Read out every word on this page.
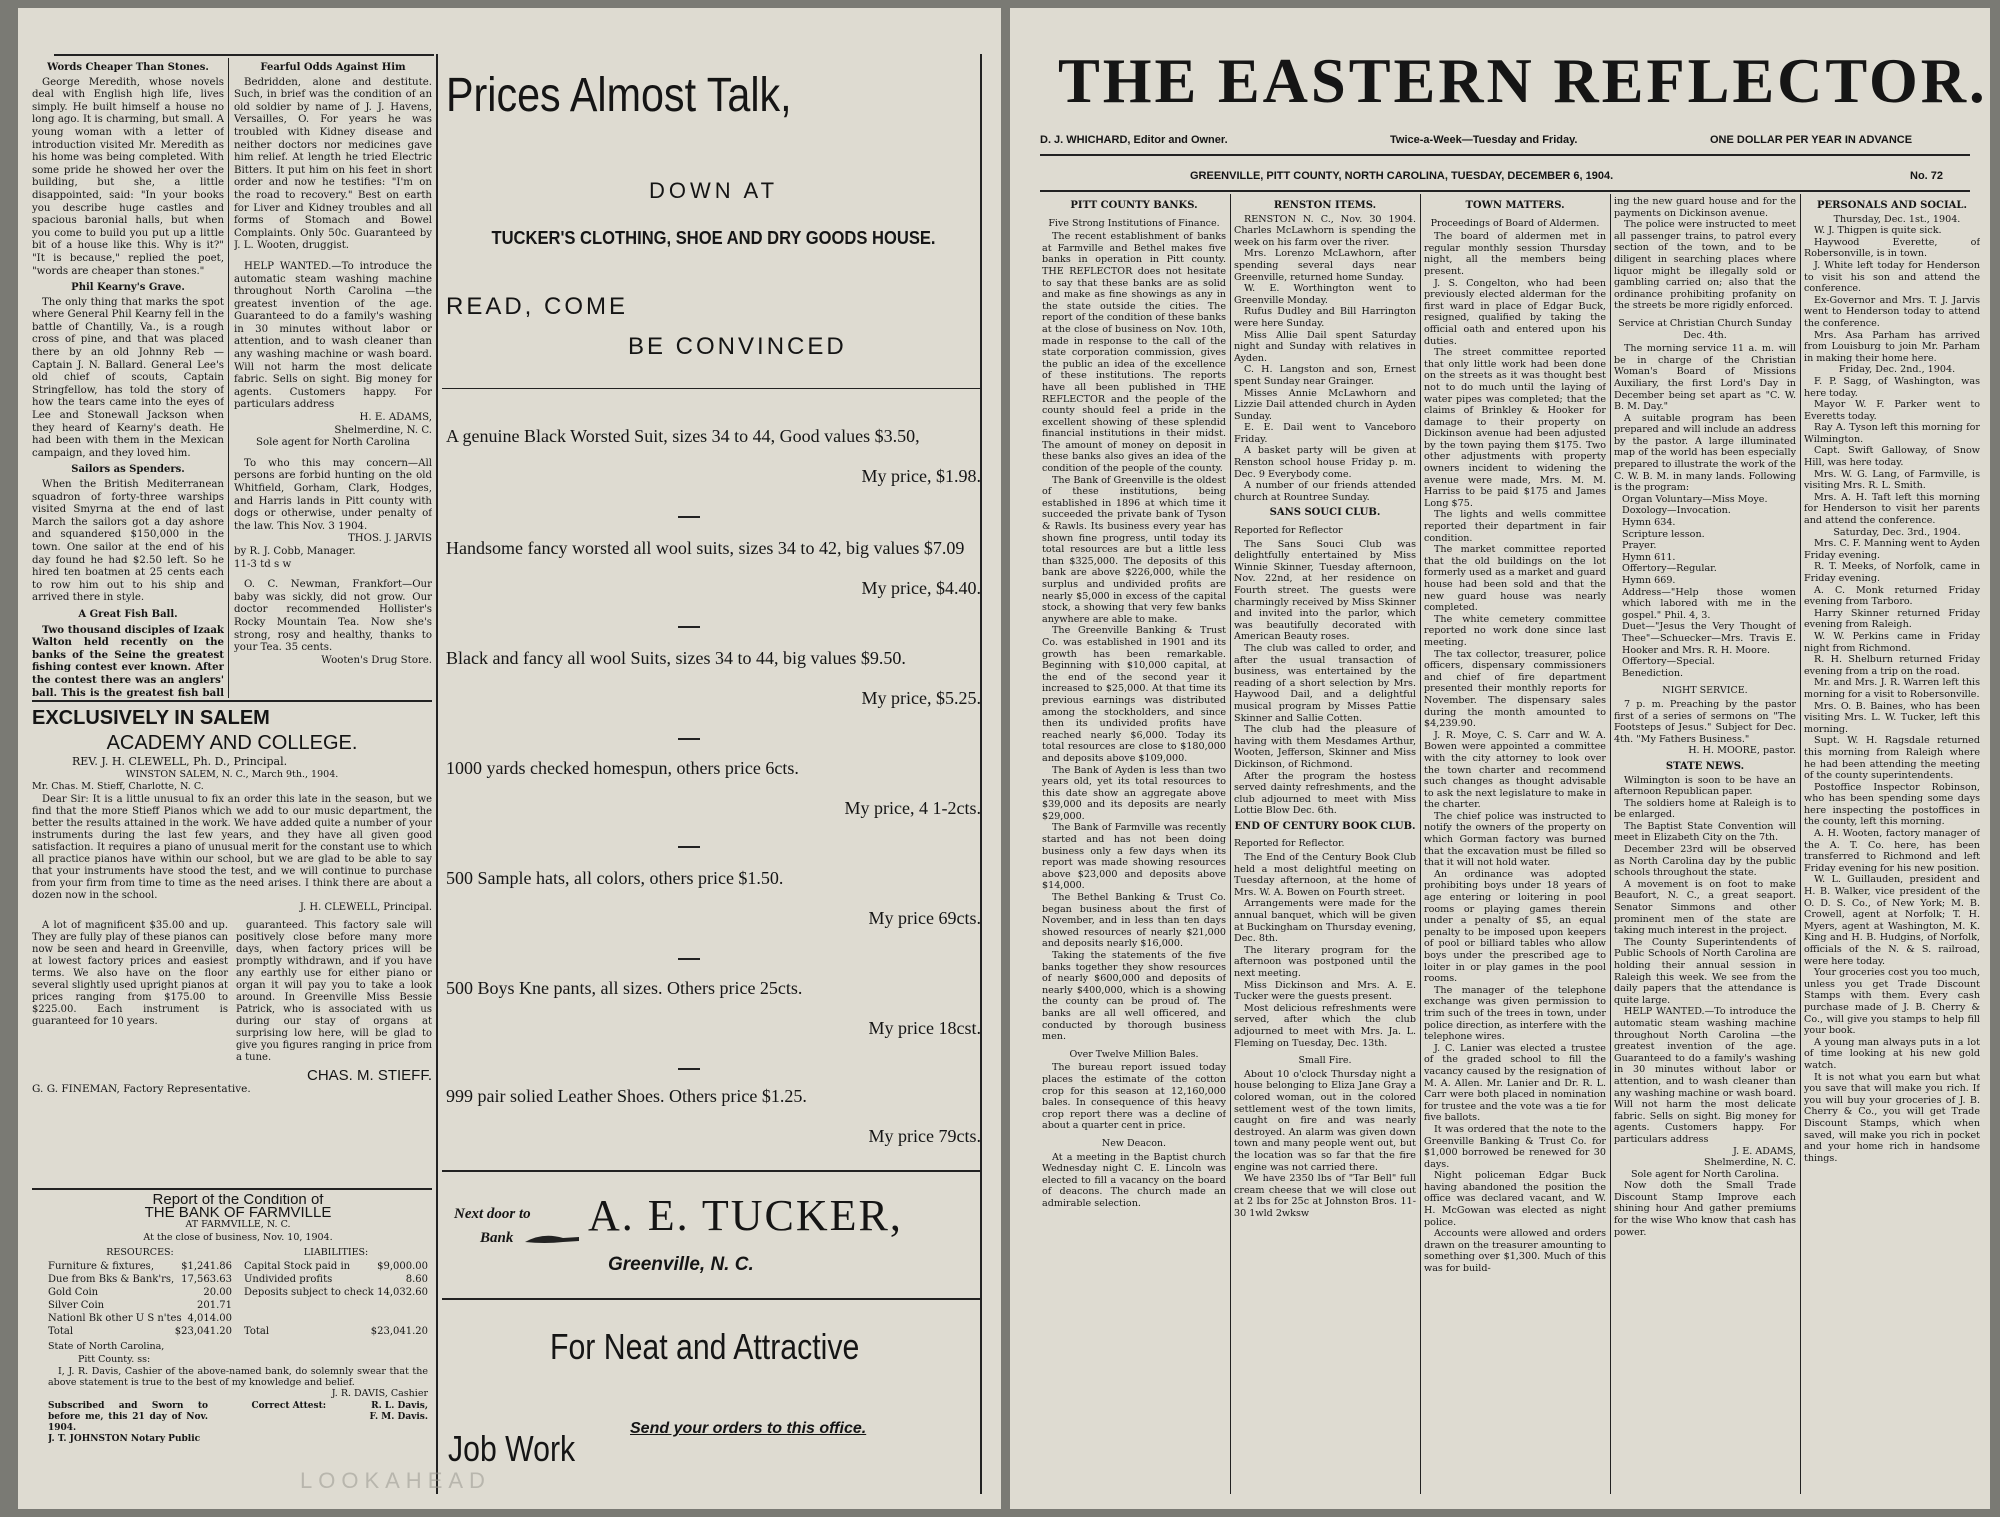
Words Cheaper Than Stones.

George Meredith, whose novels deal with English high life, lives simply. He built himself a house no long ago. It is charming, but small. A young woman with a letter of introduction visited Mr. Meredith as his home was being completed. With some pride he showed her over the building, but she, a little disappointed, said: "In your books you describe huge castles and spacious baronial halls, but when you come to build you put up a little bit of a house like this. Why is it?" "It is because," replied the poet, "words are cheaper than stones."

Phil Kearny's Grave.

The only thing that marks the spot where General Phil Kearny fell in the battle of Chantilly, Va., is a rough cross of pine, and that was placed there by an old Johnny Reb —Captain J. N. Ballard. General Lee's old chief of scouts, Captain Stringfellow, has told the story of how the tears came into the eyes of Lee and Stonewall Jackson when they heard of Kearny's death. He had been with them in the Mexican campaign, and they loved him.

Sailors as Spenders.

When the British Mediterranean squadron of forty-three warships visited Smyrna at the end of last March the sailors got a day ashore and squandered $150,000 in the town. One sailor at the end of his day found he had $2.50 left. So he hired ten boatmen at 25 cents each to row him out to his ship and arrived there in style.

A Great Fish Ball.

Two thousand disciples of Izaak Walton held recently on the banks of the Seine the greatest fishing contest ever known. After the contest there was an anglers' ball. This is the greatest fish ball

Fearful Odds Against Him

Bedridden, alone and destitute. Such, in brief was the condition of an old soldier by name of J. J. Havens, Versailles, O. For years he was troubled with Kidney disease and neither doctors nor medicines gave him relief. At length he tried Electric Bitters. It put him on his feet in short order and now he testifies: "I'm on the road to recovery." Best on earth for Liver and Kidney troubles and all forms of Stomach and Bowel Complaints. Only 50c. Guaranteed by J. L. Wooten, druggist.

HELP WANTED.—To introduce the automatic steam washing machine throughout North Carolina —the greatest invention of the age. Guaranteed to do a family's washing in 30 minutes without labor or attention, and to wash cleaner than any washing machine or wash board. Will not harm the most delicate fabric. Sells on sight. Big money for agents. Customers happy. For particulars address

H. E. ADAMS,
Shelmerdine, N. C.
Sole agent for North Carolina

To who this may concern—All persons are forbid hunting on the old Whitfield, Gorham, Clark, Hodges, and Harris lands in Pitt county with dogs or otherwise, under penalty of the law. This Nov. 3 1904.

THOS. J. JARVIS
by R. J. Cobb, Manager.
11-3 td s w

O. C. Newman, Frankfort—Our baby was sickly, did not grow. Our doctor recommended Hollister's Rocky Mountain Tea. Now she's strong, rosy and healthy, thanks to your Tea. 35 cents.

Wooten's Drug Store.
EXCLUSIVELY IN SALEM
ACADEMY AND COLLEGE.
REV. J. H. CLEWELL, Ph. D., Principal.
WINSTON SALEM, N. C., March 9th., 1904.
Mr. Chas. M. Stieff, Charlotte, N. C.

Dear Sir: It is a little unusual to fix an order this late in the season, but we find that the more Stieff Pianos which we add to our music department, the better the results attained in the work. We have added quite a number of your instruments during the last few years, and they have all given good satisfaction. It requires a piano of unusual merit for the constant use to which all practice pianos have within our school, but we are glad to be able to say that your instruments have stood the test, and we will continue to purchase from your firm from time to time as the need arises. I think there are about a dozen now in the school.

J. H. CLEWELL, Principal.

A lot of magnificent $35.00 and up. They are fully play of these pianos can now be seen and heard in Greenville, at lowest factory prices and easiest terms. We also have on the floor several slightly used upright pianos at prices ranging from $175.00 to $225.00. Each instrument is guaranteed for 10 years.

guaranteed. This factory sale will positively close before many more days, when factory prices will be promptly withdrawn, and if you have any earthly use for either piano or organ it will pay you to take a look around. In Greenville Miss Bessie Patrick, who is associated with us during our stay of organs at surprising low here, will be glad to give you figures ranging in price from a tune.

CHAS. M. STIEFF.
G. G. FINEMAN, Factory Representative.
Report of the Condition of
THE BANK OF FARMVILLE
AT FARMVILLE, N. C.
At the close of business, Nov. 10, 1904.
RESOURCES:
Furniture & fixtures,	$1,241.86
Due from Bks & Bank'rs, 17,563.63
Gold Coin	20.00
Silver Coin	201.71
Nationl Bk other U S n'tes 4,014.00
Total	$23,041.20
LIABILITIES:
Capital Stock paid in	$9,000.00
Undivided profits	8.60
Deposits subject to check 14,032.60
Total	$23,041.20
State of North Carolina,
Pitt County. ss:

I, J. R. Davis, Cashier of the above-named bank, do solemnly swear that the above statement is true to the best of my knowledge and belief.

J. R. DAVIS, Cashier
Subscribed and Sworn to before me, this 21 day of Nov. 1904.
J. T. JOHNSTON Notary Public
Correct Attest:	R. L. Davis,
F. M. Davis.
Prices Almost Talk,
DOWN AT
TUCKER'S CLOTHING, SHOE AND DRY GOODS HOUSE.
READ, COME
BE CONVINCED
A genuine Black Worsted Suit, sizes 34 to 44, Good values $3.50,
My price, $1.98.
Handsome fancy worsted all wool suits, sizes 34 to 42, big values $7.09
My price, $4.40.
Black and fancy all wool Suits, sizes 34 to 44, big values $9.50.
My price, $5.25.
1000 yards checked homespun, others price 6cts.
My price, 4 1-2cts.
500 Sample hats, all colors, others price $1.50.
My price 69cts.
500 Boys Kne pants, all sizes. Others price 25cts.
My price 18cst.
999 pair solied Leather Shoes. Others price $1.25.
My price 79cts.
Next door to
Bank A. E. TUCKER,
Greenville, N. C.
For Neat and Attractive
Job Work	Send your orders to this office.
THE EASTERN REFLECTOR.
D. J. WHICHARD, Editor and Owner.	Twice-a-Week—Tuesday and Friday.	ONE DOLLAR PER YEAR IN ADVANCE
GREENVILLE, PITT COUNTY, NORTH CAROLINA, TUESDAY, DECEMBER 6, 1904.	No. 72
PITT COUNTY BANKS.
Five Strong Institutions of Finance.

The recent establishment of banks at Farmville and Bethel makes five banks in operation in Pitt county. THE REFLECTOR does not hesitate to say that these banks are as solid and make as fine showings as any in the state outside the cities. The report of the condition of these banks at the close of business on Nov. 10th, made in response to the call of the state corporation commission, gives the public an idea of the excellence of these institutions. The reports have all been published in THE REFLECTOR and the people of the county should feel a pride in the excellent showing of these splendid financial institutions in their midst. The amount of money on deposit in these banks also gives an idea of the condition of the people of the county.

The Bank of Greenville is the oldest of these institutions, being established in 1896 at which time it succeeded the private bank of Tyson & Rawls. Its business every year has shown fine progress, until today its total resources are but a little less than $325,000. The deposits of this bank are above $226,000, while the surplus and undivided profits are nearly $5,000 in excess of the capital stock, a showing that very few banks anywhere are able to make.

The Greenville Banking & Trust Co. was established in 1901 and its growth has been remarkable. Beginning with $10,000 capital, at the end of the second year it increased to $25,000. At that time its previous earnings was distributed among the stockholders, and since then its undivided profits have reached nearly $6,000. Today its total resources are close to $180,000 and deposits above $109,000.

The Bank of Ayden is less than two years old, yet its total resources to this date show an aggregate above $39,000 and its deposits are nearly $29,000.

The Bank of Farmville was recently started and has not been doing business only a few days when its report was made showing resources above $23,000 and deposits above $14,000.

The Bethel Banking & Trust Co. began business about the first of November, and in less than ten days showed resources of nearly $21,000 and deposits nearly $16,000.

Taking the statements of the five banks together they show resources of nearly $600,000 and deposits of nearly $400,000, which is a showing the county can be proud of. The banks are all well officered, and conducted by thorough business men.

Over Twelve Million Bales.

The bureau report issued today places the estimate of the cotton crop for this season at 12,160,000 bales. In consequence of this heavy crop report there was a decline of about a quarter cent in price.

New Deacon.

At a meeting in the Baptist church Wednesday night C. E. Lincoln was elected to fill a vacancy on the board of deacons. The church made an admirable selection.

RENSTON ITEMS.

RENSTON N. C., Nov. 30 1904. Charles McLawhorn is spending the week on his farm over the river.

Mrs. Lorenzo McLawhorn, after spending several days near Greenville, returned home Sunday.

W. E. Worthington went to Greenville Monday.

Rufus Dudley and Bill Harrington were here Sunday.

Miss Allie Dail spent Saturday night and Sunday with relatives in Ayden.

C. H. Langston and son, Ernest spent Sunday near Grainger.

Misses Annie McLawhorn and Lizzie Dail attended church in Ayden Sunday.

E. E. Dail went to Vanceboro Friday.

A basket party will be given at Renston school house Friday p. m. Dec. 9 Everybody come.

A number of our friends attended church at Rountree Sunday.

SANS SOUCI CLUB.
Reported for Reflector

The Sans Souci Club was delightfully entertained by Miss Winnie Skinner, Tuesday afternoon, Nov. 22nd, at her residence on Fourth street. The guests were charmingly received by Miss Skinner and invited into the parlor, which was beautifully decorated with American Beauty roses.

The club was called to order, and after the usual transaction of business, was entertained by the reading of a short selection by Mrs. Haywood Dail, and a delightful musical program by Misses Pattie Skinner and Sallie Cotten.

The club had the pleasure of having with them Mesdames Arthur, Wooten, Jefferson, Skinner and Miss Dickinson, of Richmond.

After the program the hostess served dainty refreshments, and the club adjourned to meet with Miss Lottie Blow Dec. 6th.

END OF CENTURY BOOK CLUB.
Reported for Reflector.

The End of the Century Book Club held a most delightful meeting on Tuesday afternoon, at the home of Mrs. W. A. Bowen on Fourth street.

Arrangements were made for the annual banquet, which will be given at Buckingham on Thursday evening, Dec. 8th.

The literary program for the afternoon was postponed until the next meeting.

Miss Dickinson and Mrs. A. E. Tucker were the guests present.

Most delicious refreshments were served, after which the club adjourned to meet with Mrs. Ja. L. Fleming on Tuesday, Dec. 13th.

Small Fire.

About 10 o'clock Thursday night a house belonging to Eliza Jane Gray a colored woman, out in the colored settlement west of the town limits, caught on fire and was nearly destroyed. An alarm was given down town and many people went out, but the location was so far that the fire engine was not carried there.

We have 2350 lbs of "Tar Bell" full cream cheese that we will close out at 2 lbs for 25c at Johnston Bros. 11-30 1wld 2wksw

TOWN MATTERS.
Proceedings of Board of Aldermen.

The board of aldermen met in regular monthly session Thursday night, all the members being present.

J. S. Congelton, who had been previously elected alderman for the first ward in place of Edgar Buck, resigned, qualified by taking the official oath and entered upon his duties.

The street committee reported that only little work had been done on the streets as it was thought best not to do much until the laying of water pipes was completed; that the claims of Brinkley & Hooker for damage to their property on Dickinson avenue had been adjusted by the town paying them $175. Two other adjustments with property owners incident to widening the avenue were made, Mrs. M. M. Harriss to be paid $175 and James Long $75.

The lights and wells committee reported their department in fair condition.

The market committee reported that the old buildings on the lot formerly used as a market and guard house had been sold and that the new guard house was nearly completed.

The white cemetery committee reported no work done since last meeting.

The tax collector, treasurer, police officers, dispensary commissioners and chief of fire department presented their monthly reports for November. The dispensary sales during the month amounted to $4,239.90.

J. R. Moye, C. S. Carr and W. A. Bowen were appointed a committee with the city attorney to look over the town charter and recommend such changes as thought advisable to ask the next legislature to make in the charter.

The chief police was instructed to notify the owners of the property on which Gorman factory was burned that the excavation must be filled so that it will not hold water.

An ordinance was adopted prohibiting boys under 18 years of age entering or loitering in pool rooms or playing games therein under a penalty of $5, an equal penalty to be imposed upon keepers of pool or billiard tables who allow boys under the prescribed age to loiter in or play games in the pool rooms.

The manager of the telephone exchange was given permission to trim such of the trees in town, under police direction, as interfere with the telephone wires.

J. C. Lanier was elected a trustee of the graded school to fill the vacancy caused by the resignation of M. A. Allen. Mr. Lanier and Dr. R. L. Carr were both placed in nomination for trustee and the vote was a tie for five ballots.

It was ordered that the note to the Greenville Banking & Trust Co. for $1,000 borrowed be renewed for 30 days.

Night policeman Edgar Buck having abandoned the position the office was declared vacant, and W. H. McGowan was elected as night police.

Accounts were allowed and orders drawn on the treasurer amounting to something over $1,300. Much of this was for build-

ing the new guard house and for the payments on Dickinson avenue.

The police were instructed to meet all passenger trains, to patrol every section of the town, and to be diligent in searching places where liquor might be illegally sold or gambling carried on; also that the ordinance prohibiting profanity on the streets be more rigidly enforced.

Service at Christian Church Sunday Dec. 4th.

The morning service 11 a. m. will be in charge of the Christian Woman's Board of Missions Auxiliary, the first Lord's Day in December being set apart as "C. W. B. M. Day."

A suitable program has been prepared and will include an address by the pastor. A large illuminated map of the world has been especially prepared to illustrate the work of the C. W. B. M. in many lands. Following is the program:

Organ Voluntary—Miss Moye.
Doxology—Invocation.
Hymn 634.
Scripture lesson.
Prayer.
Hymn 611.
Offertory—Regular.
Hymn 669.
Address—"Help those women which labored with me in the gospel." Phil. 4, 3.
Duet—"Jesus the Very Thought of Thee"—Schuecker—Mrs. Travis E. Hooker and Mrs. R. H. Moore.
Offertory—Special.
Benediction.
NIGHT SERVICE.

7 p. m. Preaching by the pastor first of a series of sermons on "The Footsteps of Jesus." Subject for Dec. 4th. "My Fathers Business."

H. H. MOORE, pastor.
STATE NEWS.

Wilmington is soon to be have an afternoon Republican paper.

The soldiers home at Raleigh is to be enlarged.

The Baptist State Convention will meet in Elizabeth City on the 7th.

December 23rd will be observed as North Carolina day by the public schools throughout the state.

A movement is on foot to make Beaufort, N. C., a great seaport. Senator Simmons and other prominent men of the state are taking much interest in the project.

The County Superintendents of Public Schools of North Carolina are holding their annual session in Raleigh this week. We see from the daily papers that the attendance is quite large.

HELP WANTED.—To introduce the automatic steam washing machine throughout North Carolina —the greatest invention of the age. Guaranteed to do a family's washing in 30 minutes without labor or attention, and to wash cleaner than any washing machine or wash board. Will not harm the most delicate fabric. Sells on sight. Big money for agents. Customers happy. For particulars address

J. E. ADAMS,
Shelmerdine, N. C.
Sole agent for North Carolina.

Now doth the Small Trade Discount Stamp Improve each shining hour And gather premiums for the wise Who know that cash has power.

PERSONALS AND SOCIAL.

Thursday, Dec. 1st., 1904.

W. J. Thigpen is quite sick.

Haywood Everette, of Robersonville, is in town.

J. White left today for Henderson to visit his son and attend the conference.

Ex-Governor and Mrs. T. J. Jarvis went to Henderson today to attend the conference.

Mrs. Asa Parham has arrived from Louisburg to join Mr. Parham in making their home here.

Friday, Dec. 2nd., 1904.

F. P. Sagg, of Washington, was here today.

Mayor W. F. Parker went to Everetts today.

Ray A. Tyson left this morning for Wilmington.

Capt. Swift Galloway, of Snow Hill, was here today.

Mrs. W. G. Lang, of Farmville, is visiting Mrs. R. L. Smith.

Mrs. A. H. Taft left this morning for Henderson to visit her parents and attend the conference.

Saturday, Dec. 3rd., 1904.

Mrs. C. F. Manning went to Ayden Friday evening.

R. T. Meeks, of Norfolk, came in Friday evening.

A. C. Monk returned Friday evening from Tarboro.

Harry Skinner returned Friday evening from Raleigh.

W. W. Perkins came in Friday night from Richmond.

R. H. Shelburn returned Friday evening from a trip on the road.

Mr. and Mrs. J. R. Warren left this morning for a visit to Robersonville.

Mrs. O. B. Baines, who has been visiting Mrs. L. W. Tucker, left this morning.

Supt. W. H. Ragsdale returned this morning from Raleigh where he had been attending the meeting of the county superintendents.

Postoffice Inspector Robinson, who has been spending some days here inspecting the postoffices in the county, left this morning.

A. H. Wooten, factory manager of the A. T. Co. here, has been transferred to Richmond and left Friday evening for his new position.

W. L. Guillauden, president and H. B. Walker, vice president of the O. D. S. Co., of New York; M. B. Crowell, agent at Norfolk; T. H. Myers, agent at Washington, M. K. King and H. B. Hudgins, of Norfolk, officials of the N. & S. railroad, were here today.

Your groceries cost you too much, unless you get Trade Discount Stamps with them. Every cash purchase made of J. B. Cherry & Co., will give you stamps to help fill your book.

A young man always puts in a lot of time looking at his new gold watch.

It is not what you earn but what you save that will make you rich. If you will buy your groceries of J. B. Cherry & Co., you will get Trade Discount Stamps, which when saved, will make you rich in pocket and your home rich in handsome things.

LOOKAHEAD
